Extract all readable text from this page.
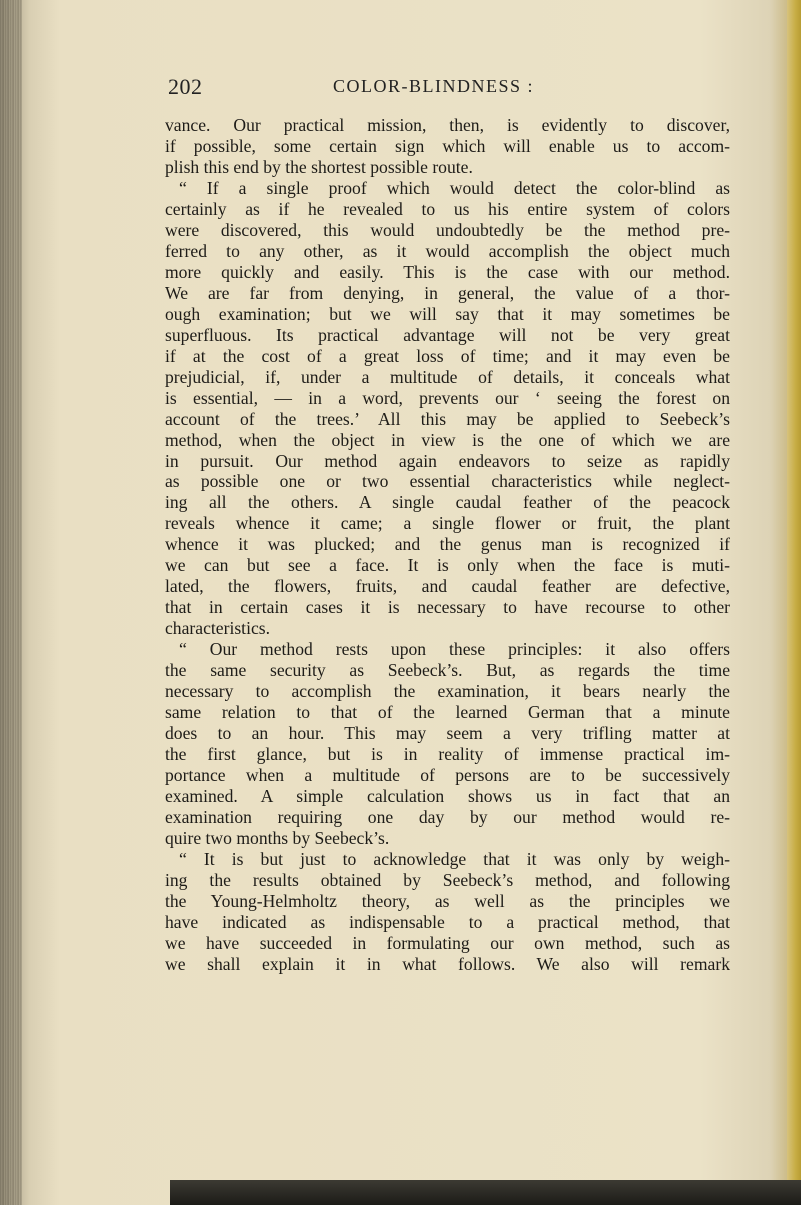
202	COLOR-BLINDNESS :
vance. Our practical mission, then, is evidently to discover,
if possible, some certain sign which will enable us to accom-
plish this end by the shortest possible route.
“ If a single proof which would detect the color-blind as
certainly as if he revealed to us his entire system of colors
were discovered, this would undoubtedly be the method pre-
ferred to any other, as it would accomplish the object much
more quickly and easily. This is the case with our method.
We are far from denying, in general, the value of a thor-
ough examination; but we will say that it may sometimes be
superfluous. Its practical advantage will not be very great
if at the cost of a great loss of time; and it may even be
prejudicial, if, under a multitude of details, it conceals what
is essential, — in a word, prevents our ‘ seeing the forest on
account of the trees.’ All this may be applied to Seebeck’s
method, when the object in view is the one of which we are
in pursuit. Our method again endeavors to seize as rapidly
as possible one or two essential characteristics while neglect-
ing all the others. A single caudal feather of the peacock
reveals whence it came; a single flower or fruit, the plant
whence it was plucked; and the genus man is recognized if
we can but see a face. It is only when the face is muti-
lated, the flowers, fruits, and caudal feather are defective,
that in certain cases it is necessary to have recourse to other
characteristics.
“ Our method rests upon these principles: it also offers
the same security as Seebeck’s. But, as regards the time
necessary to accomplish the examination, it bears nearly the
same relation to that of the learned German that a minute
does to an hour. This may seem a very trifling matter at
the first glance, but is in reality of immense practical im-
portance when a multitude of persons are to be successively
examined. A simple calculation shows us in fact that an
examination requiring one day by our method would re-
quire two months by Seebeck’s.
“ It is but just to acknowledge that it was only by weigh-
ing the results obtained by Seebeck’s method, and following
the Young-Helmholtz theory, as well as the principles we
have indicated as indispensable to a practical method, that
we have succeeded in formulating our own method, such as
we shall explain it in what follows. We also will remark
